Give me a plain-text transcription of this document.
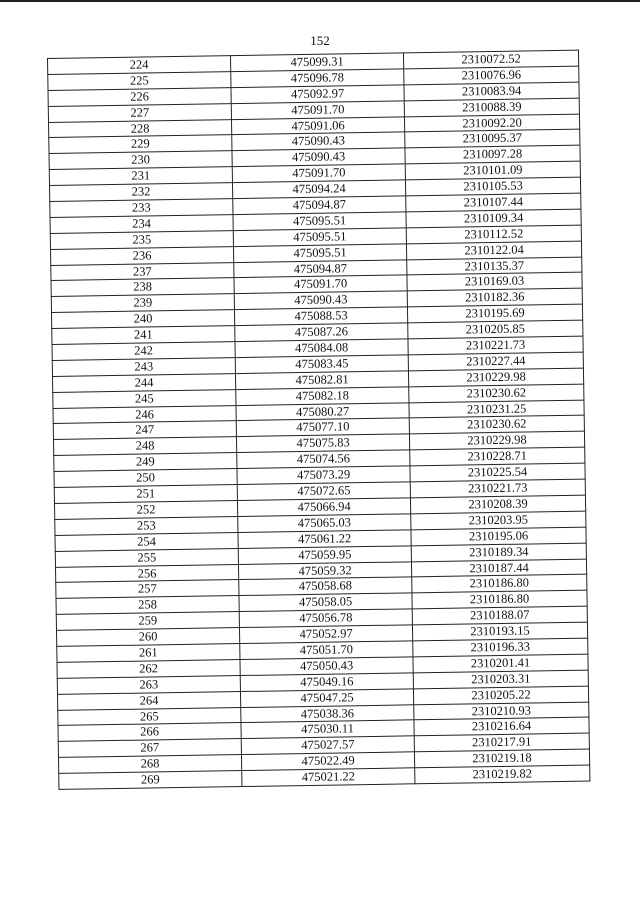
152
224	475099.31	2310072.52
225	475096.78	2310076.96
226	475092.97	2310083.94
227	475091.70	2310088.39
228	475091.06	2310092.20
229	475090.43	2310095.37
230	475090.43	2310097.28
231	475091.70	2310101.09
232	475094.24	2310105.53
233	475094.87	2310107.44
234	475095.51	2310109.34
235	475095.51	2310112.52
236	475095.51	2310122.04
237	475094.87	2310135.37
238	475091.70	2310169.03
239	475090.43	2310182.36
240	475088.53	2310195.69
241	475087.26	2310205.85
242	475084.08	2310221.73
243	475083.45	2310227.44
244	475082.81	2310229.98
245	475082.18	2310230.62
246	475080.27	2310231.25
247	475077.10	2310230.62
248	475075.83	2310229.98
249	475074.56	2310228.71
250	475073.29	2310225.54
251	475072.65	2310221.73
252	475066.94	2310208.39
253	475065.03	2310203.95
254	475061.22	2310195.06
255	475059.95	2310189.34
256	475059.32	2310187.44
257	475058.68	2310186.80
258	475058.05	2310186.80
259	475056.78	2310188.07
260	475052.97	2310193.15
261	475051.70	2310196.33
262	475050.43	2310201.41
263	475049.16	2310203.31
264	475047.25	2310205.22
265	475038.36	2310210.93
266	475030.11	2310216.64
267	475027.57	2310217.91
268	475022.49	2310219.18
269	475021.22	2310219.82
